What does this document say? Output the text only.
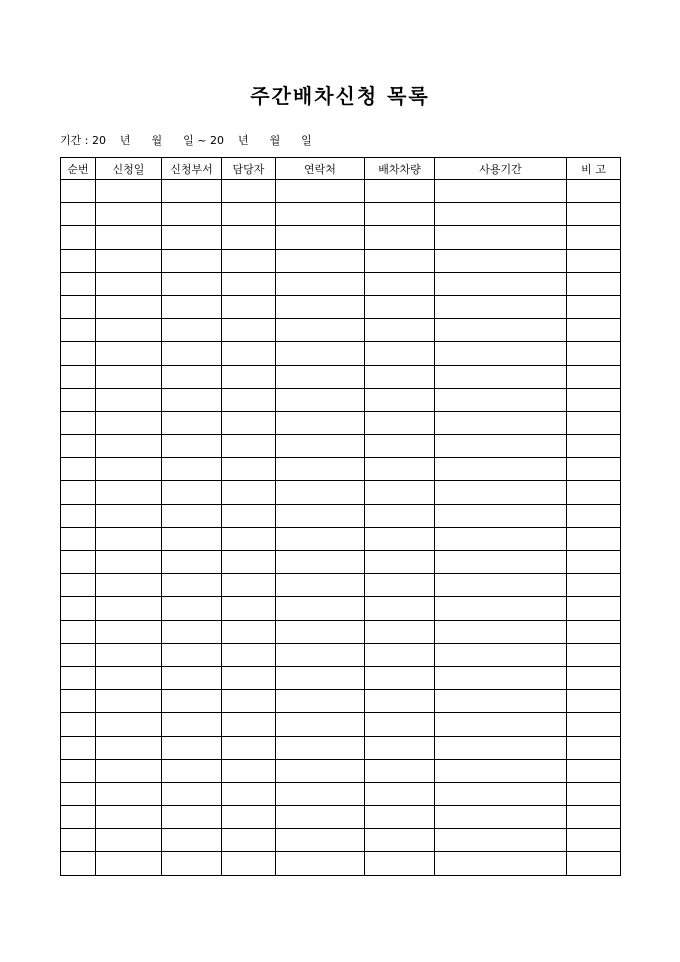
주간배차신청 목록
기간 : 20    년      월      일 ~ 20    년      월      일
순번	신청일	신청부서	담당자	연락처	배차차량	사용기간	비 고
